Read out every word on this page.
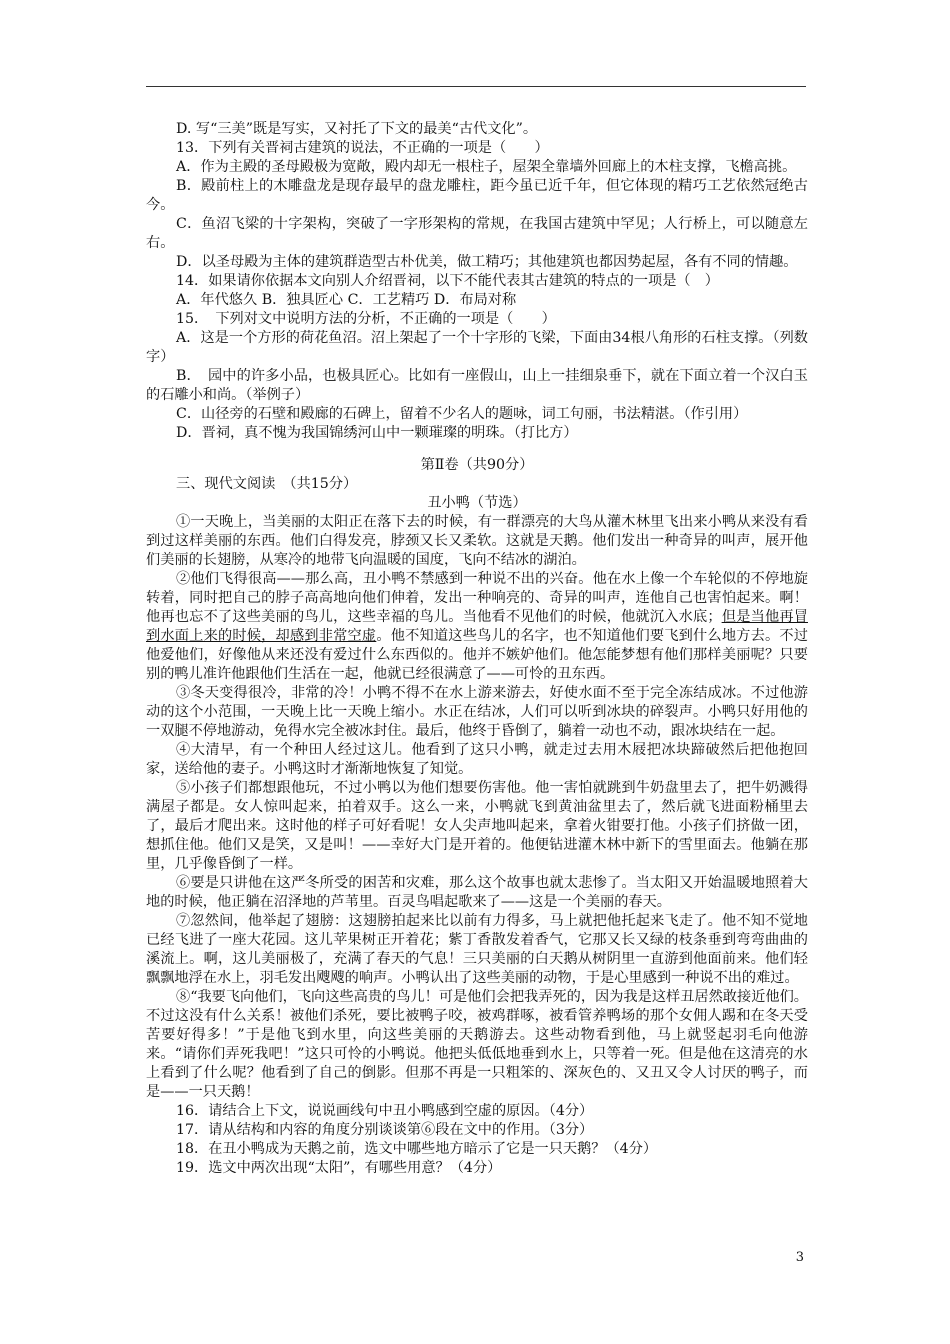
D. 写“三美”既是写实，又衬托了下文的最美“古代文化”。

13．下列有关晋祠古建筑的说法，不正确的一项是（　　）

A．作为主殿的圣母殿极为宽敞，殿内却无一根柱子，屋架全靠墙外回廊上的木柱支撑，飞檐高挑。

B．殿前柱上的木雕盘龙是现存最早的盘龙雕柱，距今虽已近千年，但它体现的精巧工艺依然冠绝古今。

C．鱼沼飞梁的十字架构，突破了一字形架构的常规，在我国古建筑中罕见；人行桥上，可以随意左右。

D．以圣母殿为主体的建筑群造型古朴优美，做工精巧；其他建筑也都因势起屋，各有不同的情趣。

14．如果请你依据本文向别人介绍晋祠，以下不能代表其古建筑的特点的一项是（　）

A．年代悠久 B．独具匠心 C．工艺精巧 D．布局对称

15．　下列对文中说明方法的分析，不正确的一项是（　　）

A．这是一个方形的荷花鱼沼。沼上架起了一个十字形的飞梁，下面由34根八角形的石柱支撑。（列数字）

B．　园中的许多小品，也极具匠心。比如有一座假山，山上一挂细泉垂下，就在下面立着一个汉白玉的石雕小和尚。（举例子）

C．山径旁的石壁和殿廊的石碑上，留着不少名人的题咏，词工句丽，书法精湛。（作引用）

D．晋祠，真不愧为我国锦绣河山中一颗璀璨的明珠。（打比方）

第Ⅱ卷（共90分）

三、现代文阅读　（共15分）

丑小鸭（节选）

①一天晚上，当美丽的太阳正在落下去的时候，有一群漂亮的大鸟从灌木林里飞出来小鸭从来没有看到过这样美丽的东西。他们白得发亮，脖颈又长又柔软。这就是天鹅。他们发出一种奇异的叫声，展开他们美丽的长翅膀，从寒冷的地带飞向温暖的国度，飞向不结冰的湖泊。

②他们飞得很高——那么高，丑小鸭不禁感到一种说不出的兴奋。他在水上像一个车轮似的不停地旋转着，同时把自己的脖子高高地向他们伸着，发出一种响亮的、奇异的叫声，连他自己也害怕起来。啊！他再也忘不了这些美丽的鸟儿，这些幸福的鸟儿。当他看不见他们的时候，他就沉入水底；但是当他再冒到水面上来的时候，却感到非常空虚。他不知道这些鸟儿的名字，也不知道他们要飞到什么地方去。不过他爱他们，好像他从来还没有爱过什么东西似的。他并不嫉妒他们。他怎能梦想有他们那样美丽呢？只要别的鸭儿准许他跟他们生活在一起，他就已经很满意了——可怜的丑东西。

③冬天变得很冷，非常的冷！小鸭不得不在水上游来游去，好使水面不至于完全冻结成冰。不过他游动的这个小范围，一天晚上比一天晚上缩小。水正在结冰，人们可以听到冰块的碎裂声。小鸭只好用他的一双腿不停地游动，免得水完全被冰封住。最后，他终于昏倒了，躺着一动也不动，跟冰块结在一起。

④大清早，有一个种田人经过这儿。他看到了这只小鸭，就走过去用木屐把冰块蹄破然后把他抱回家，送给他的妻子。小鸭这时才渐渐地恢复了知觉。

⑤小孩子们都想跟他玩，不过小鸭以为他们想要伤害他。他一害怕就跳到牛奶盘里去了，把牛奶溅得满屋子都是。女人惊叫起来，拍着双手。这么一来，小鸭就飞到黄油盆里去了，然后就飞进面粉桶里去了，最后才爬出来。这时他的样子可好看呢！女人尖声地叫起来，拿着火钳要打他。小孩子们挤做一团，想抓住他。他们又是笑，又是叫！——幸好大门是开着的。他便钻进灌木林中新下的雪里面去。他躺在那里，几乎像昏倒了一样。

⑥要是只讲他在这严冬所受的困苦和灾难，那么这个故事也就太悲惨了。当太阳又开始温暖地照着大地的时候，他正躺在沼泽地的芦苇里。百灵鸟唱起歌来了——这是一个美丽的春天。

⑦忽然间，他举起了翅膀：这翅膀拍起来比以前有力得多，马上就把他托起来飞走了。他不知不觉地已经飞进了一座大花园。这儿苹果树正开着花；紫丁香散发着香气，它那又长又绿的枝条垂到弯弯曲曲的溪流上。啊，这儿美丽极了，充满了春天的气息！三只美丽的白天鹅从树阴里一直游到他面前来。他们轻飘飘地浮在水上，羽毛发出飕飕的响声。小鸭认出了这些美丽的动物，于是心里感到一种说不出的难过。

⑧“我要飞向他们，飞向这些高贵的鸟儿！可是他们会把我弄死的，因为我是这样丑居然敢接近他们。不过这没有什么关系！被他们杀死，要比被鸭子咬，被鸡群啄，被看管养鸭场的那个女佣人踢和在冬天受苦要好得多！”于是他飞到水里，向这些美丽的天鹅游去。这些动物看到他，马上就竖起羽毛向他游来。“请你们弄死我吧！”这只可怜的小鸭说。他把头低低地垂到水上，只等着一死。但是他在这清亮的水上看到了什么呢？他看到了自己的倒影。但那不再是一只粗笨的、深灰色的、又丑又令人讨厌的鸭子，而是——一只天鹅！

16．请结合上下文，说说画线句中丑小鸭感到空虚的原因。（4分）

17．请从结构和内容的角度分别谈谈第⑥段在文中的作用。（3分）

18．在丑小鸭成为天鹅之前，选文中哪些地方暗示了它是一只天鹅？（4分）

19．选文中两次出现“太阳”，有哪些用意？（4分）

3
